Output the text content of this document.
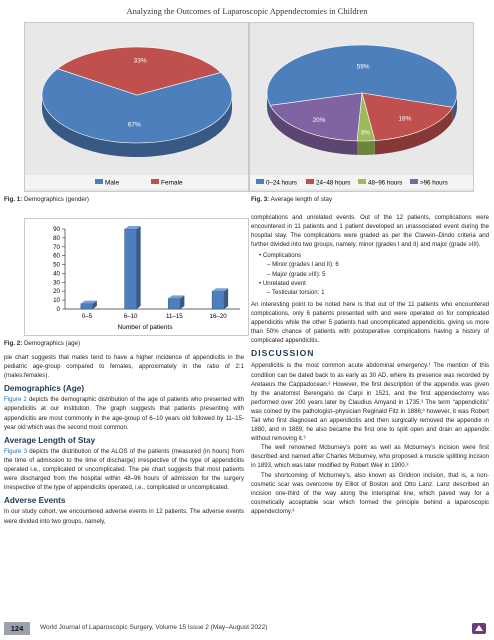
Analyzing the Outcomes of Laparoscopic Appendectomies in Children
67%
33%
Male	Female
59%
18%
3%
20%
0–24 hours	24–48 hours	48–96 hours	>96 hours
Fig. 1: Demographics (gender)	Fig. 3: Average length of stay
0
10
20
30
40
50
60
70
80
90
0–5	6–10	11–15	16–20
Number of patients
Fig. 2: Demographics (age)

pie chart suggests that males tend to have a higher incidence of appendicitis in the pediatric age-group compared to females, approximately in the ratio of 2:1 (males:females).

Demographics (Age)

Figure 2 depicts the demographic distribution of the age of patients who presented with appendicitis at our institution. The graph suggests that patients presenting with appendicitis are most commonly in the age-group of 6–10 years old followed by 11–15-year old which was the second most common.

Average Length of Stay

Figure 3 depicts the distribution of the ALOS of the patients (measured (in hours) from the time of admission to the time of discharge) irrespective of the type of appendicitis operated i.e., complicated or uncomplicated. The pie chart suggests that most patients were discharged from the hospital within 48–96 hours of admission for the surgery irrespective of the type of appendicitis operated, i.e., complicated or uncomplicated.

Adverse Events

In our study cohort, we encountered adverse events in 12 patients. The adverse events were divided into two groups, namely,

complications and unrelated events. Out of the 12 patients, complications were encountered in 11 patients and 1 patient developed an unassociated event during the hospital stay. The complications were graded as per the Clavein–Dindo criteria and further divided into two groups, namely, minor (grades I and II) and major (grade ≥III).

• Complications
– Minor (grades I and II): 6
– Major (grade ≥III): 5
• Unrelated event
– Testicular torsion: 1

An interesting point to be noted here is that out of the 11 patients who encountered complications, only 6 patients presented with and were operated on for complicated appendicitis while the other 5 patients had uncomplicated appendicitis, giving us more than 50% chance of patients with postoperative complications having a history of complicated appendicitis.

DISCUSSION

Appendicitis is the most common acute abdominal emergency.¹ The mention of this condition can be dated back to as early as 30 AD, where its presence was recorded by Aretaeus the Cappadocean.² However, the first description of the appendix was given by the anatomist Berengario de Carpi in 1521, and the first appendectomy was performed over 200 years later by Claudius Amyand in 1735.³ The term “appendicitis” was coined by the pathologist–physician Reginald Fitz in 1886;³ however, it was Robert Tait who first diagnosed an appendicitis and then surgically removed the appendix in 1880, and in 1889, he also became the first one to split open and drain an appendix without removing it.³

The well renowned Mcburney’s point as well as Mcburney’s incision were first described and named after Charles Mcburney, who proposed a muscle splitting incision in 1893, which was later modified by Robert Weir in 1900.³

The shortcoming of Mcburney’s, also known as Gridiron incision, that is, a non-cosmetic scar was overcome by Elliot of Boston and Otto Lanz. Lanz described an incision one-third of the way along the interspinal line, which paved way for a cosmetically acceptable scar which formed the principle behind a laparoscopic appendectomy.³

124	World Journal of Laparoscopic Surgery, Volume 15 Issue 2 (May–August 2022)
